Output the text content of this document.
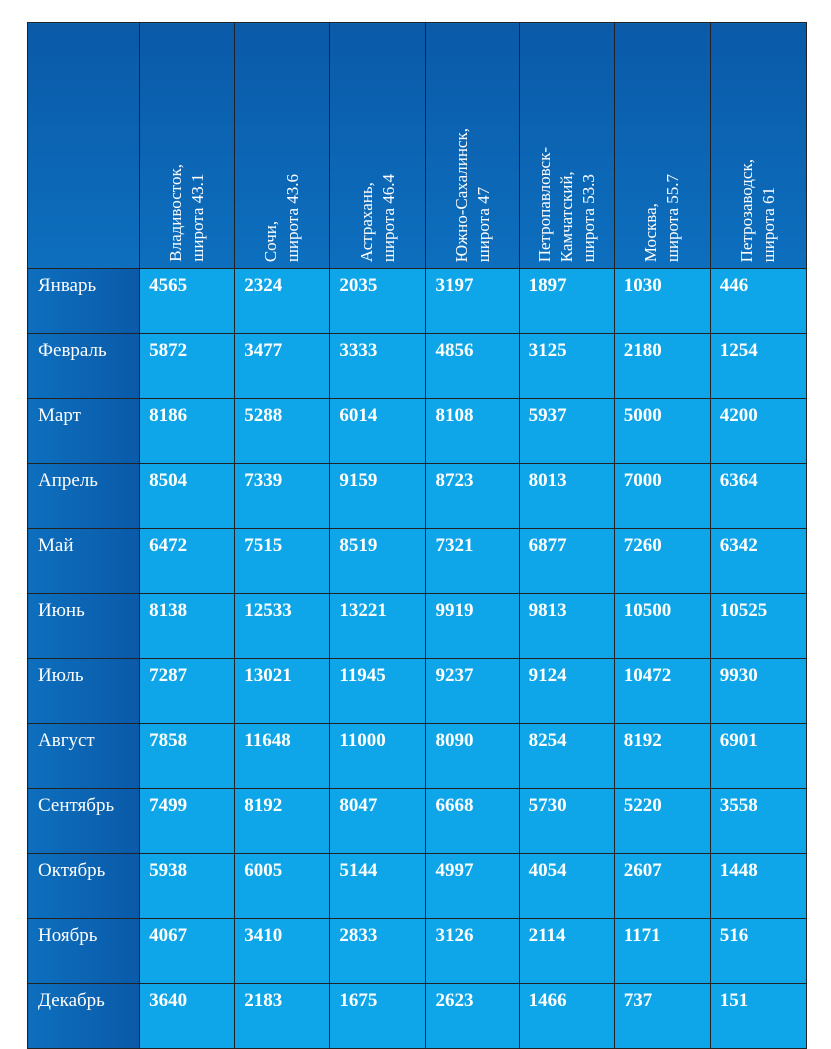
	Владивосток,
широта 43.1	Сочи,
широта 43.6	Астрахань,
широта 46.4	Южно-Сахалинск,
широта 47	Петропавловск-
Камчатский,
широта 53.3	Москва,
широта 55.7	Петрозаводск,
широта 61

Январь	4565	2324	2035	3197	1897	1030	446
Февраль	5872	3477	3333	4856	3125	2180	1254
Март	8186	5288	6014	8108	5937	5000	4200
Апрель	8504	7339	9159	8723	8013	7000	6364
Май	6472	7515	8519	7321	6877	7260	6342
Июнь	8138	12533	13221	9919	9813	10500	10525
Июль	7287	13021	11945	9237	9124	10472	9930
Август	7858	11648	11000	8090	8254	8192	6901
Сентябрь	7499	8192	8047	6668	5730	5220	3558
Октябрь	5938	6005	5144	4997	4054	2607	1448
Ноябрь	4067	3410	2833	3126	2114	1171	516
Декабрь	3640	2183	1675	2623	1466	737	151
